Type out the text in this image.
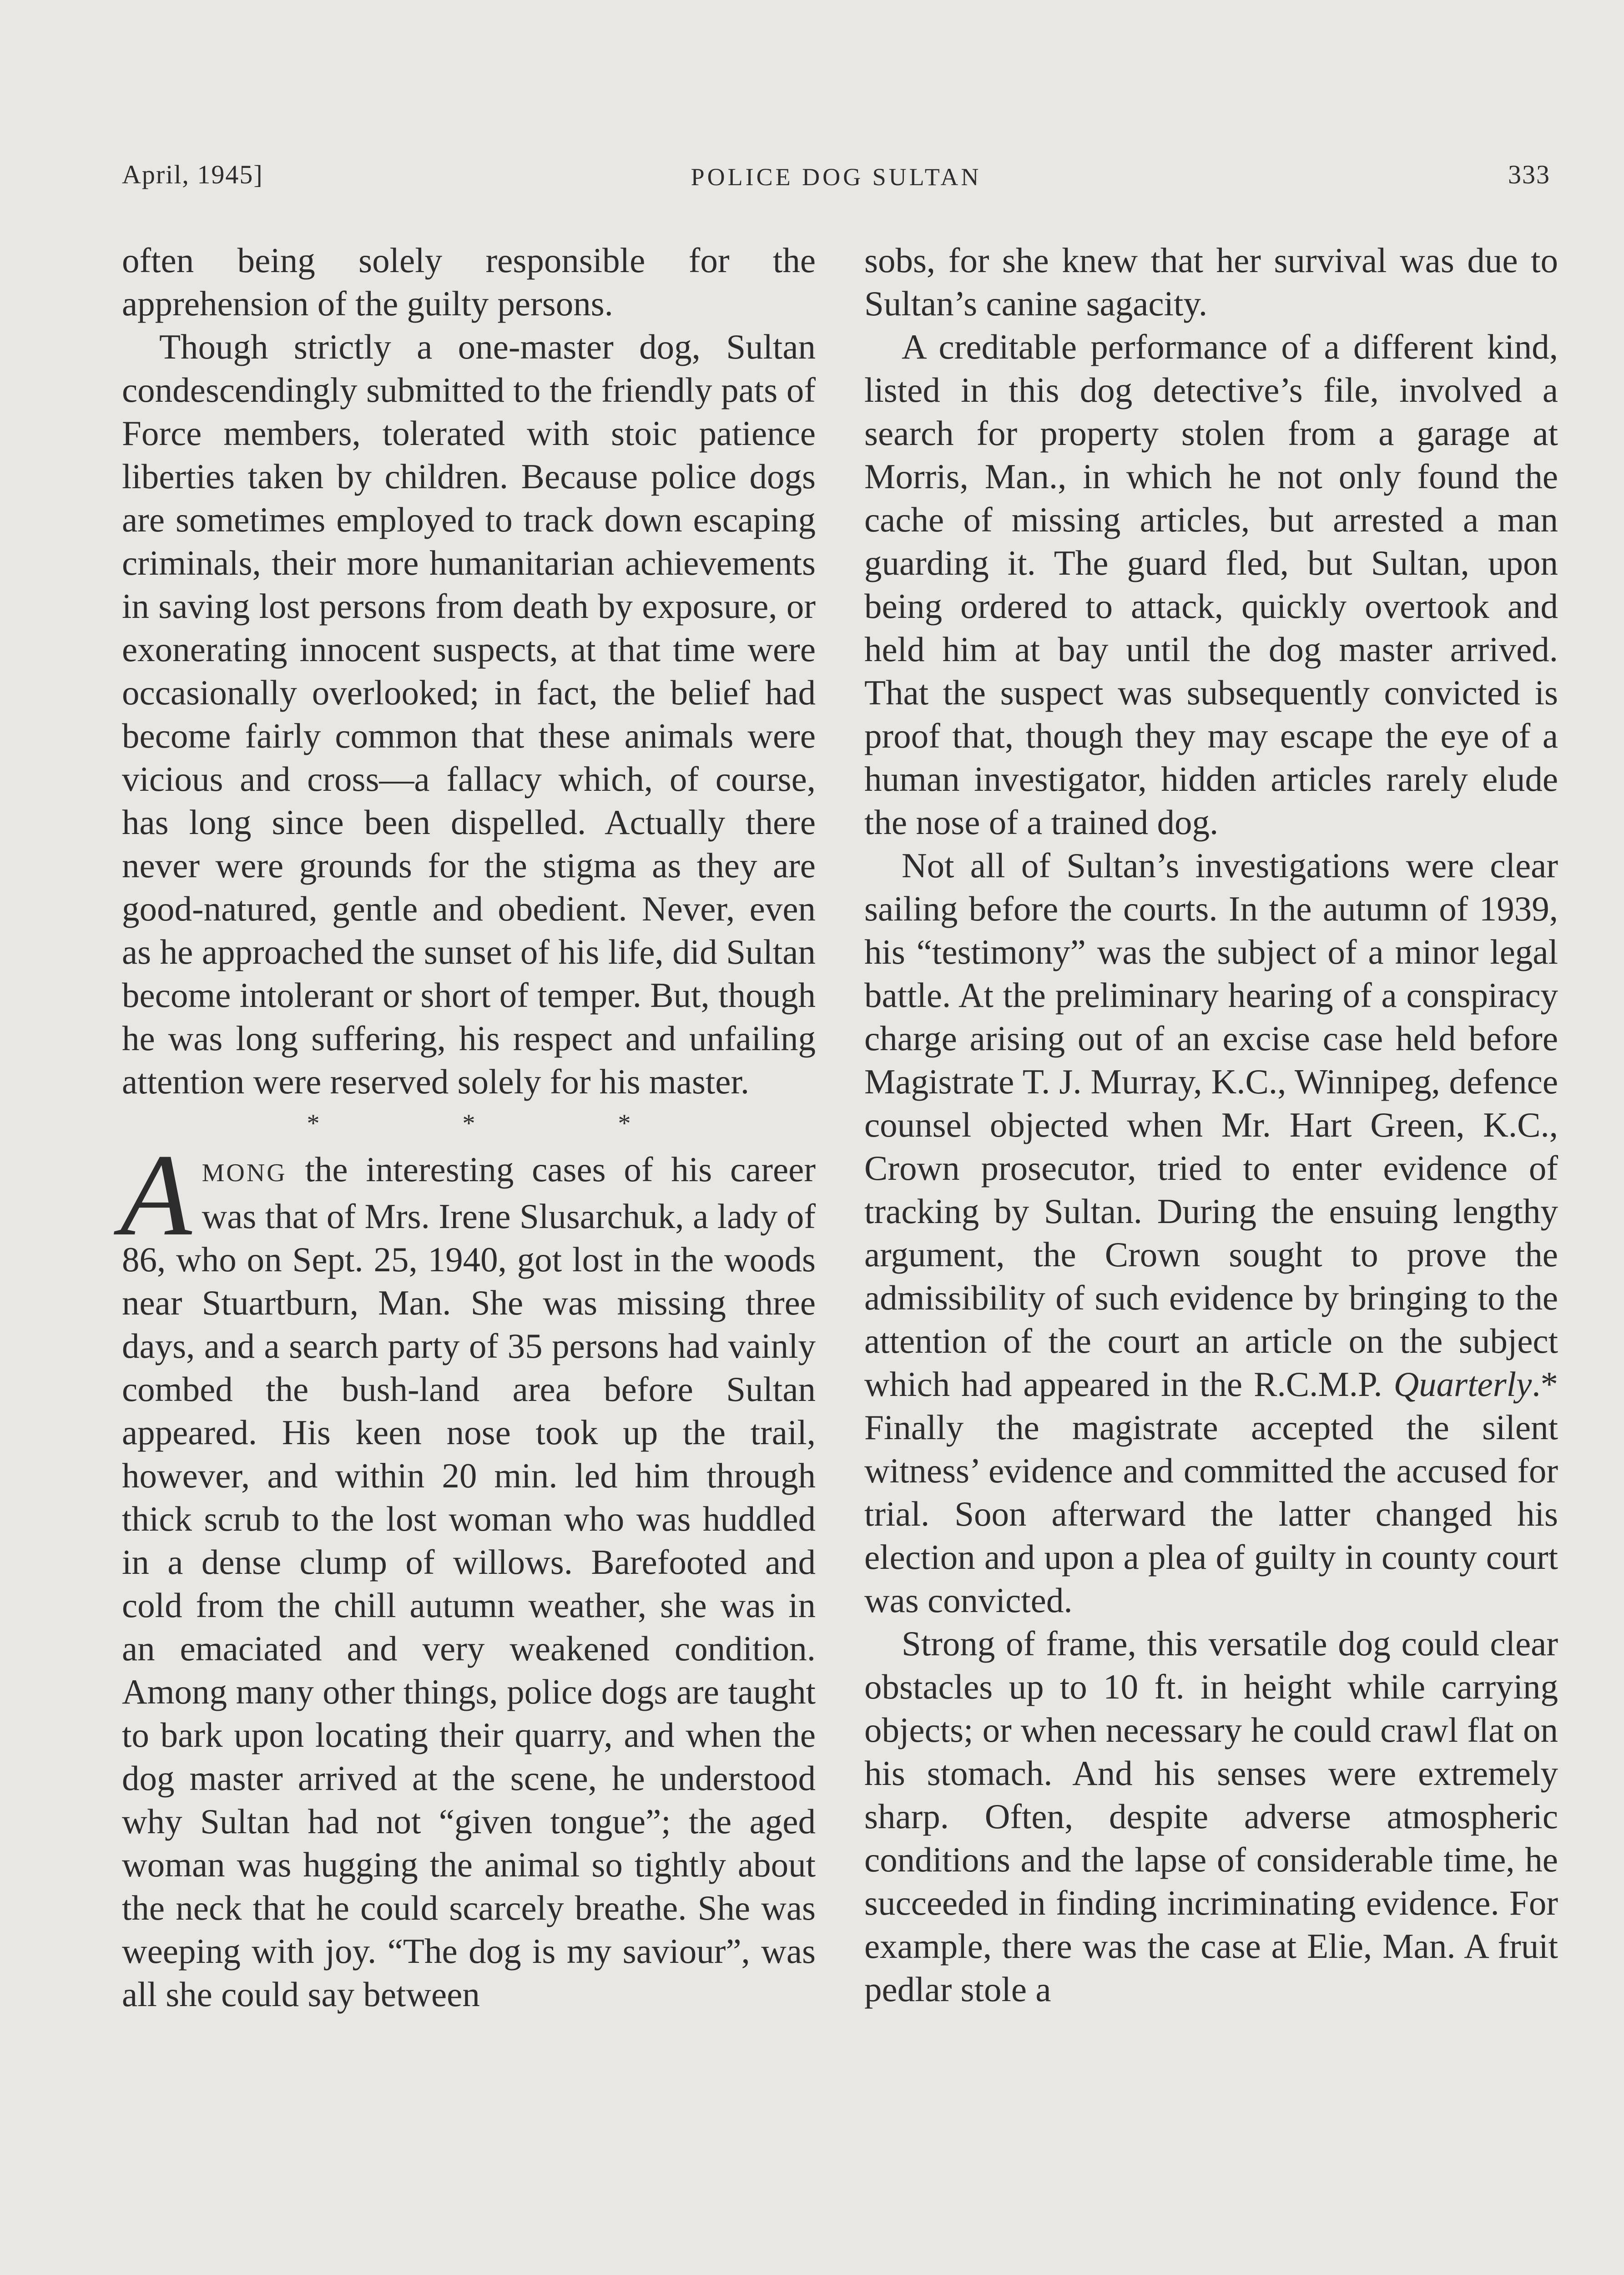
April, 1945]	POLICE DOG SULTAN	333

often being solely responsible for the apprehension of the guilty persons.

Though strictly a one-master dog, Sultan condescendingly submitted to the friendly pats of Force members, tolerated with stoic patience liberties taken by children. Because police dogs are sometimes employed to track down escaping criminals, their more humanitarian achievements in saving lost persons from death by exposure, or exonerating innocent suspects, at that time were occasionally overlooked; in fact, the belief had become fairly common that these animals were vicious and cross—a fallacy which, of course, has long since been dispelled. Actually there never were grounds for the stigma as they are good-natured, gentle and obedient. Never, even as he approached the sunset of his life, did Sultan become intolerant or short of temper. But, though he was long suffering, his respect and unfailing attention were reserved solely for his master.

* * *

AMONG the interesting cases of his career was that of Mrs. Irene Slusarchuk, a lady of 86, who on Sept. 25, 1940, got lost in the woods near Stuartburn, Man. She was missing three days, and a search party of 35 persons had vainly combed the bush-land area before Sultan appeared. His keen nose took up the trail, however, and within 20 min. led him through thick scrub to the lost woman who was huddled in a dense clump of willows. Barefooted and cold from the chill autumn weather, she was in an emaciated and very weakened condition. Among many other things, police dogs are taught to bark upon locating their quarry, and when the dog master arrived at the scene, he understood why Sultan had not “given tongue”; the aged woman was hugging the animal so tightly about the neck that he could scarcely breathe. She was weeping with joy. “The dog is my saviour”, was all she could say between

sobs, for she knew that her survival was due to Sultan’s canine sagacity.

A creditable performance of a different kind, listed in this dog detective’s file, involved a search for property stolen from a garage at Morris, Man., in which he not only found the cache of missing articles, but arrested a man guarding it. The guard fled, but Sultan, upon being ordered to attack, quickly overtook and held him at bay until the dog master arrived. That the suspect was subsequently convicted is proof that, though they may escape the eye of a human investigator, hidden articles rarely elude the nose of a trained dog.

Not all of Sultan’s investigations were clear sailing before the courts. In the autumn of 1939, his “testimony” was the subject of a minor legal battle. At the preliminary hearing of a conspiracy charge arising out of an excise case held before Magistrate T. J. Murray, K.C., Winnipeg, defence counsel objected when Mr. Hart Green, K.C., Crown prosecutor, tried to enter evidence of tracking by Sultan. During the ensuing lengthy argument, the Crown sought to prove the admissibility of such evidence by bringing to the attention of the court an article on the subject which had appeared in the R.C.M.P. Quarterly.* Finally the magistrate accepted the silent witness’ evidence and committed the accused for trial. Soon afterward the latter changed his election and upon a plea of guilty in county court was convicted.

Strong of frame, this versatile dog could clear obstacles up to 10 ft. in height while carrying objects; or when necessary he could crawl flat on his stomach. And his senses were extremely sharp. Often, despite adverse atmospheric conditions and the lapse of considerable time, he succeeded in finding incriminating evidence. For example, there was the case at Elie, Man. A fruit pedlar stole a
